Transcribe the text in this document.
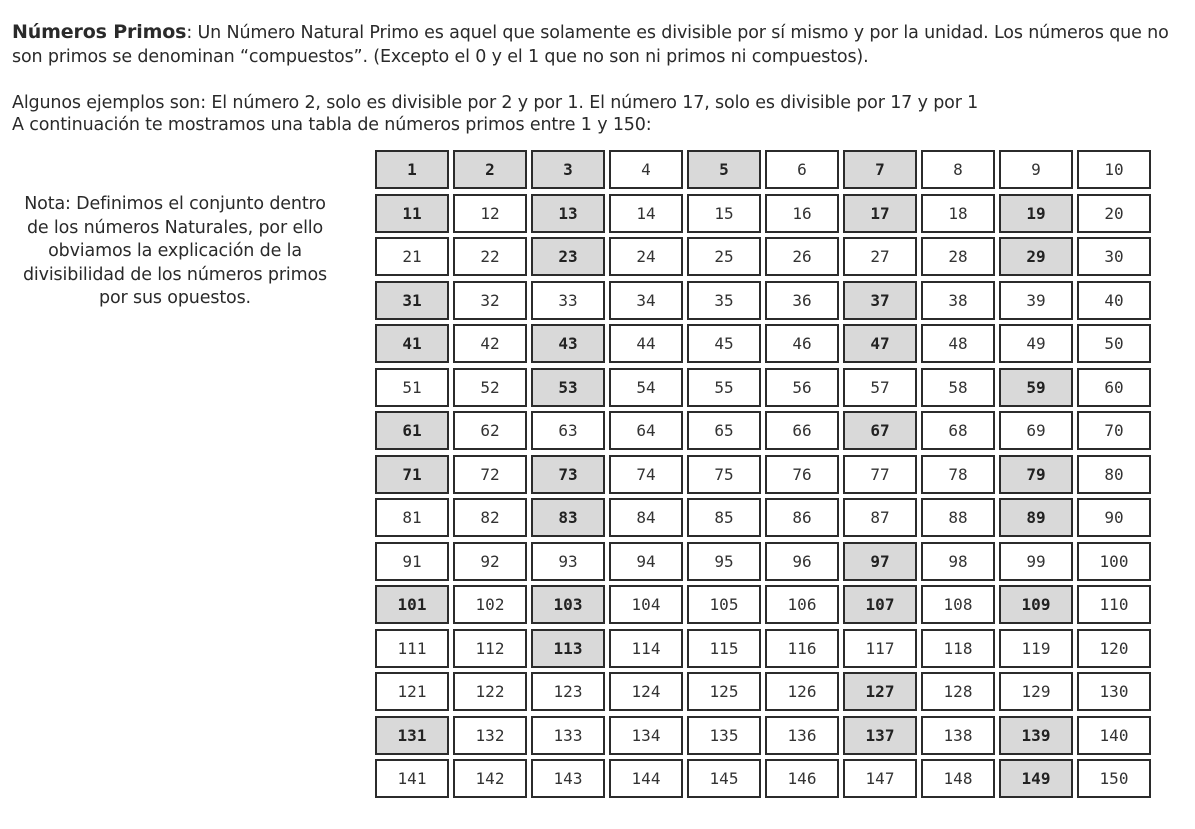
Números Primos: Un Número Natural Primo es aquel que solamente es divisible por sí mismo y por la unidad. Los números que no son primos se denominan “compuestos”. (Excepto el 0 y el 1 que no son ni primos ni compuestos).
Algunos ejemplos son: El número 2, solo es divisible por 2 y por 1. El número 17, solo es divisible por 17 y por 1
A continuación te mostramos una tabla de números primos entre 1 y 150:
Nota: Definimos el conjunto dentro de los números Naturales, por ello obviamos la explicación de la divisibilidad de los números primos por sus opuestos.
1	2	3	4	5	6	7	8	9	10
11	12	13	14	15	16	17	18	19	20
21	22	23	24	25	26	27	28	29	30
31	32	33	34	35	36	37	38	39	40
41	42	43	44	45	46	47	48	49	50
51	52	53	54	55	56	57	58	59	60
61	62	63	64	65	66	67	68	69	70
71	72	73	74	75	76	77	78	79	80
81	82	83	84	85	86	87	88	89	90
91	92	93	94	95	96	97	98	99	100
101	102	103	104	105	106	107	108	109	110
111	112	113	114	115	116	117	118	119	120
121	122	123	124	125	126	127	128	129	130
131	132	133	134	135	136	137	138	139	140
141	142	143	144	145	146	147	148	149	150
